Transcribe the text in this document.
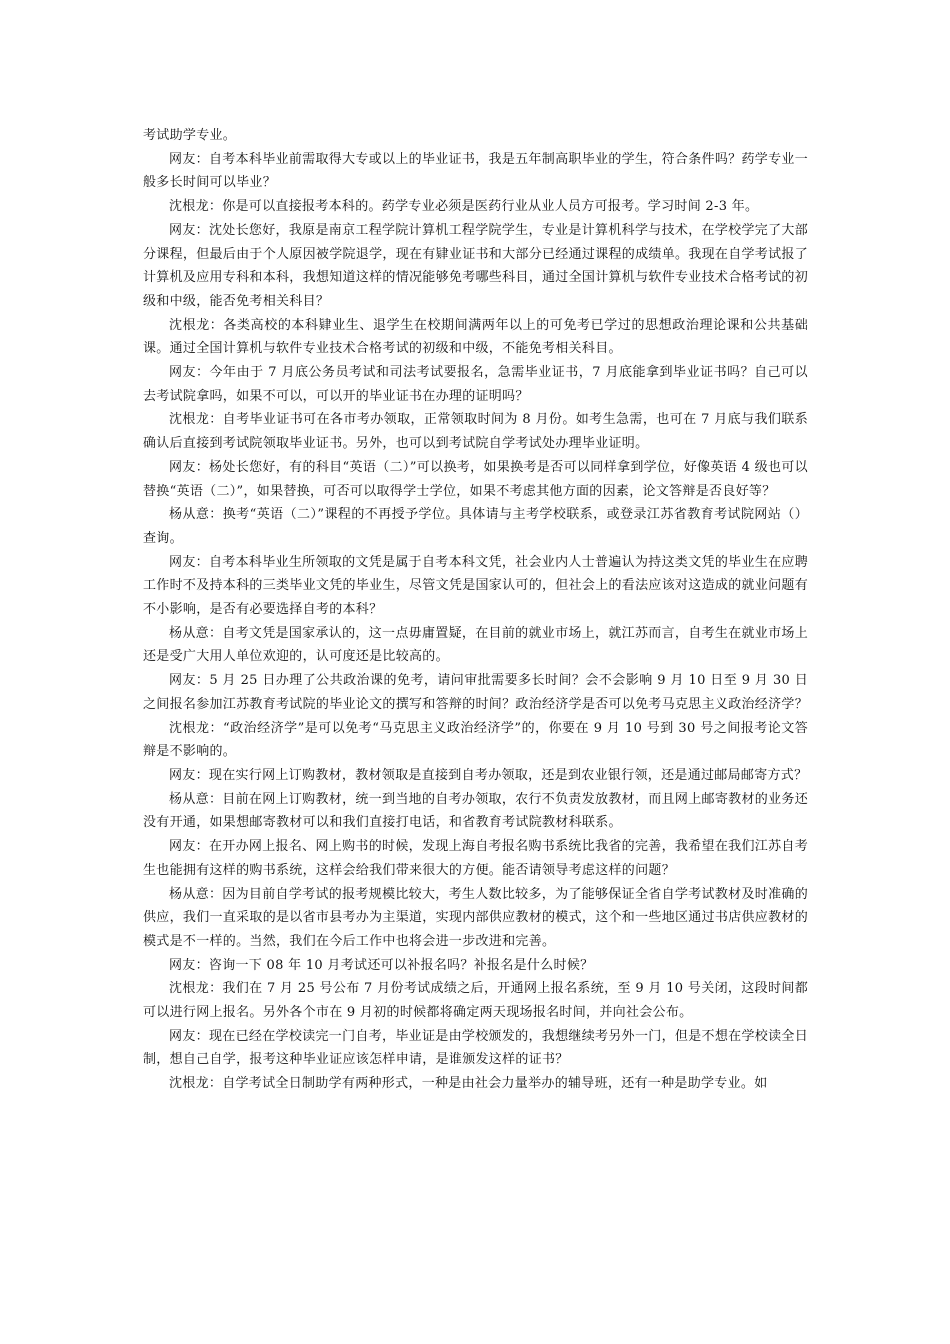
考试助学专业。

网友：自考本科毕业前需取得大专或以上的毕业证书，我是五年制高职毕业的学生，符合条件吗？药学专业一般多长时间可以毕业？

沈根龙：你是可以直接报考本科的。药学专业必须是医药行业从业人员方可报考。学习时间 2-3 年。

网友：沈处长您好，我原是南京工程学院计算机工程学院学生，专业是计算机科学与技术，在学校学完了大部分课程，但最后由于个人原因被学院退学，现在有肄业证书和大部分已经通过课程的成绩单。我现在自学考试报了计算机及应用专科和本科，我想知道这样的情况能够免考哪些科目，通过全国计算机与软件专业技术合格考试的初级和中级，能否免考相关科目？

沈根龙：各类高校的本科肄业生、退学生在校期间满两年以上的可免考已学过的思想政治理论课和公共基础课。通过全国计算机与软件专业技术合格考试的初级和中级，不能免考相关科目。

网友：今年由于 7 月底公务员考试和司法考试要报名，急需毕业证书，7 月底能拿到毕业证书吗？自己可以去考试院拿吗，如果不可以，可以开的毕业证书在办理的证明吗？

沈根龙：自考毕业证书可在各市考办领取，正常领取时间为 8 月份。如考生急需，也可在 7 月底与我们联系确认后直接到考试院领取毕业证书。另外，也可以到考试院自学考试处办理毕业证明。

网友：杨处长您好，有的科目“英语（二）”可以换考，如果换考是否可以同样拿到学位，好像英语 4 级也可以替换“英语（二）”，如果替换，可否可以取得学士学位，如果不考虑其他方面的因素，论文答辩是否良好等？

杨从意：换考“英语（二）”课程的不再授予学位。具体请与主考学校联系，或登录江苏省教育考试院网站（）查询。

网友：自考本科毕业生所领取的文凭是属于自考本科文凭，社会业内人士普遍认为持这类文凭的毕业生在应聘工作时不及持本科的三类毕业文凭的毕业生，尽管文凭是国家认可的，但社会上的看法应该对这造成的就业问题有不小影响，是否有必要选择自考的本科？

杨从意：自考文凭是国家承认的，这一点毋庸置疑，在目前的就业市场上，就江苏而言，自考生在就业市场上还是受广大用人单位欢迎的，认可度还是比较高的。

网友：5 月 25 日办理了公共政治课的免考，请问审批需要多长时间？会不会影响 9 月 10 日至 9 月 30 日之间报名参加江苏教育考试院的毕业论文的撰写和答辩的时间？政治经济学是否可以免考马克思主义政治经济学？

沈根龙：“政治经济学”是可以免考“马克思主义政治经济学”的，你要在 9 月 10 号到 30 号之间报考论文答辩是不影响的。

网友：现在实行网上订购教材，教材领取是直接到自考办领取，还是到农业银行领，还是通过邮局邮寄方式？

杨从意：目前在网上订购教材，统一到当地的自考办领取，农行不负责发放教材，而且网上邮寄教材的业务还没有开通，如果想邮寄教材可以和我们直接打电话，和省教育考试院教材科联系。

网友：在开办网上报名、网上购书的时候，发现上海自考报名购书系统比我省的完善，我希望在我们江苏自考生也能拥有这样的购书系统，这样会给我们带来很大的方便。能否请领导考虑这样的问题？

杨从意：因为目前自学考试的报考规模比较大，考生人数比较多，为了能够保证全省自学考试教材及时准确的供应，我们一直采取的是以省市县考办为主渠道，实现内部供应教材的模式，这个和一些地区通过书店供应教材的模式是不一样的。当然，我们在今后工作中也将会进一步改进和完善。

网友：咨询一下 08 年 10 月考试还可以补报名吗？补报名是什么时候？

沈根龙：我们在 7 月 25 号公布 7 月份考试成绩之后，开通网上报名系统，至 9 月 10 号关闭，这段时间都可以进行网上报名。另外各个市在 9 月初的时候都将确定两天现场报名时间，并向社会公布。

网友：现在已经在学校读完一门自考，毕业证是由学校颁发的，我想继续考另外一门，但是不想在学校读全日制，想自己自学，报考这种毕业证应该怎样申请，是谁颁发这样的证书？

沈根龙：自学考试全日制助学有两种形式，一种是由社会力量举办的辅导班，还有一种是助学专业。如
